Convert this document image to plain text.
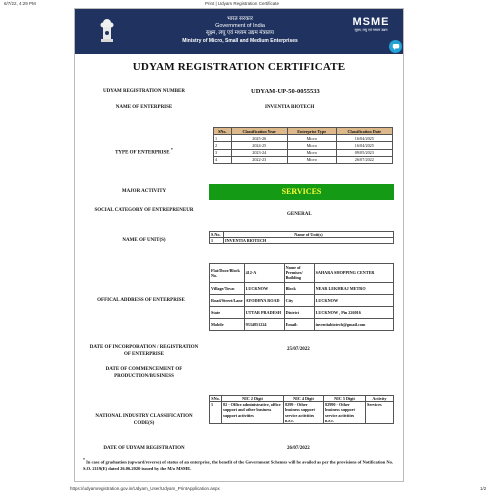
6/7/22, 4:29 PM	Print | Udyam Registration Certificate
भारत सरकार
Government of India
सूक्ष्म, लघु एवं मध्यम उद्यम मंत्रालय
Ministry of Micro, Small and Medium Enterprises
MSME
सूक्ष्म, लघु एवं मध्यम उद्यम
UDYAM REGISTRATION CERTIFICATE
UDYAM REGISTRATION NUMBER	UDYAM-UP-50-0055533
NAME OF ENTERPRISE	INVENTIA BIOTECH
TYPE OF ENTERPRISE *
SNo.	Classification Year	Enterprise Type	Classification Date
1	2025-26	Micro	16/04/2025
2	2024-25	Micro	16/04/2025
3	2023-24	Micro	09/05/2023
4	2022-23	Micro	26/07/2022
MAJOR ACTIVITY	SERVICES
SOCIAL CATEGORY OF ENTREPRENEUR
GENERAL
NAME OF UNIT(S)
S.No.	Name of Unit(s)
1	INVENTIA BIOTECH
OFFICAL ADDRESS OF ENTERPRISE
Flat/Door/Block No.	412-A	Name of Premises/ Building	SAHARA SHOPPING CENTER
Village/Town	LUCKNOW	Block	NEAR LEKHRAJ METRO
Road/Street/Lane	AYODHYA ROAD	City	LUCKNOW
State	UTTAR PRADESH	District	LUCKNOW , Pin 226016
Mobile	9334851224	Email:	inventiabiotech@gmail.com
DATE OF INCORPORATION / REGISTRATION OF ENTERPRISE
25/07/2022
DATE OF COMMENCEMENT OF PRODUCTION/BUSINESS
NATIONAL INDUSTRY CLASSIFICATION CODE(S)
SNo.	NIC 2 Digit	NIC 4 Digit	NIC 5 Digit	Activity
1	82 - Office administrative, office support and other business support activities	8299 - Other business support service activities n.e.c.	82990 - Other business support service activities n.e.c.	Services
DATE OF UDYAM REGISTRATION	26/07/2022
* In case of graduation (upward/reverse) of status of an enterprise, the benefit of the Government Schemes will be availed as per the provisions of Notification No. S.O. 2119(E) dated 26.06.2020 issued by the M/o MSME.
https://udyamregistration.gov.in/Udyam_User/Udyam_PrintApplication.aspx	1/2
